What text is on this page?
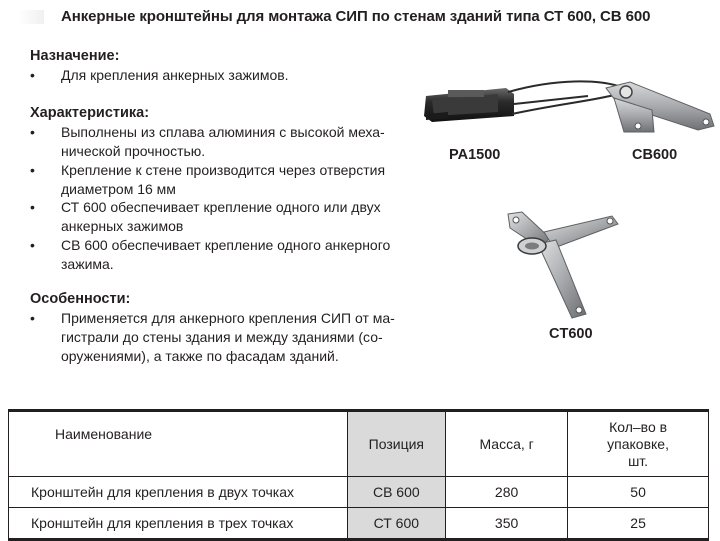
Анкерные кронштейны для монтажа СИП по стенам зданий типа СТ 600, СВ 600
Назначение:
• Для крепления анкерных зажимов.
Характеристика:
• Выполнены из сплава алюминия с высокой меха-
нической прочностью.
• Крепление к стене производится через отверстия
диаметром 16 мм
• СТ 600 обеспечивает крепление одного или двух
анкерных зажимов
• СВ 600 обеспечивает крепление одного анкерного
зажима.
Особенности:
• Применяется для анкерного крепления СИП от ма-
гистрали до стены здания и между зданиями (со-
оружениями), а также по фасадам зданий.
PA1500	CB600
CT600
Наименование	Позиция	Масса, г	Кол–во в
упаковке,
шт.

Кронштейн для крепления в двух точках	СВ 600	280	50
Кронштейн для крепления в трех точках	СТ 600	350	25
